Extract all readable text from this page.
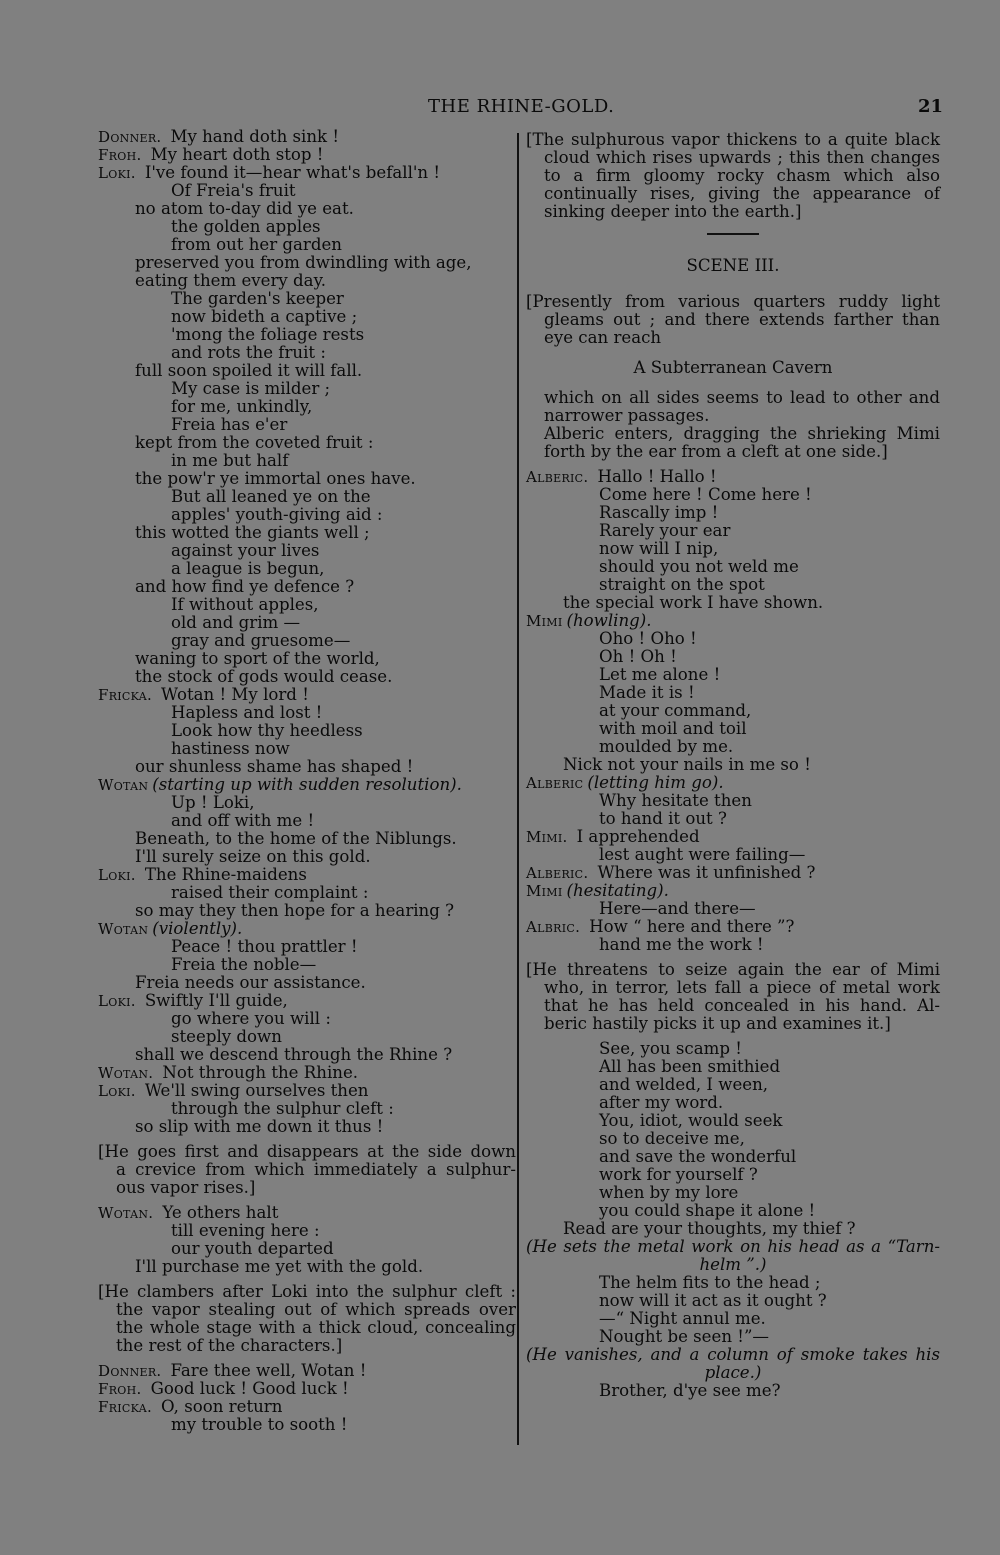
THE RHINE-GOLD.	21
Donner. My hand doth sink !
Froh. My heart doth stop !
Loki. I've found it—hear what's befall'n !
Of Freia's fruit
no atom to-day did ye eat.
the golden apples
from out her garden
preserved you from dwindling with age,
eating them every day.
The garden's keeper
now bideth a captive ;
'mong the foliage rests
and rots the fruit :
full soon spoiled it will fall.
My case is milder ;
for me, unkindly,
Freia has e'er
kept from the coveted fruit :
in me but half
the pow'r ye immortal ones have.
But all leaned ye on the
apples' youth-giving aid :
this wotted the giants well ;
against your lives
a league is begun,
and how find ye defence ?
If without apples,
old and grim —
gray and gruesome—
waning to sport of the world,
the stock of gods would cease.
Fricka. Wotan ! My lord !
Hapless and lost !
Look how thy heedless
hastiness now
our shunless shame has shaped !
Wotan (starting up with sudden resolution).
Up ! Loki,
and off with me !
Beneath, to the home of the Niblungs.
I'll surely seize on this gold.
Loki. The Rhine-maidens
raised their complaint :
so may they then hope for a hearing ?
Wotan (violently).
Peace ! thou prattler !
Freia the noble—
Freia needs our assistance.
Loki. Swiftly I'll guide,
go where you will :
steeply down
shall we descend through the Rhine ?
Wotan. Not through the Rhine.
Loki. We'll swing ourselves then
through the sulphur cleft :
so slip with me down it thus !
[He goes first and disappears at the side down
a crevice from which immediately a sulphur-
ous vapor rises.]
Wotan. Ye others halt
till evening here :
our youth departed
I'll purchase me yet with the gold.
[He clambers after Loki into the sulphur cleft :
the vapor stealing out of which spreads over
the whole stage with a thick cloud, concealing
the rest of the characters.]
Donner. Fare thee well, Wotan !
Froh. Good luck ! Good luck !
Fricka. O, soon return
my trouble to sooth !
[The sulphurous vapor thickens to a quite black
cloud which rises upwards ; this then changes
to a firm gloomy rocky chasm which also
continually rises, giving the appearance of
sinking deeper into the earth.]
SCENE III.
[Presently from various quarters ruddy light
gleams out ; and there extends farther than
eye can reach
A Subterranean Cavern
which on all sides seems to lead to other and
narrower passages.
Alberic enters, dragging the shrieking Mimi
forth by the ear from a cleft at one side.]
Alberic. Hallo ! Hallo !
Come here ! Come here !
Rascally imp !
Rarely your ear
now will I nip,
should you not weld me
straight on the spot
the special work I have shown.
Mimi (howling).
Oho ! Oho !
Oh ! Oh !
Let me alone !
Made it is !
at your command,
with moil and toil
moulded by me.
Nick not your nails in me so !
Alberic (letting him go).
Why hesitate then
to hand it out ?
Mimi. I apprehended
lest aught were failing—
Alberic. Where was it unfinished ?
Mimi (hesitating).
Here—and there—
Albric. How “ here and there ”?
hand me the work !
[He threatens to seize again the ear of Mimi
who, in terror, lets fall a piece of metal work
that he has held concealed in his hand. Al-
beric hastily picks it up and examines it.]
See, you scamp !
All has been smithied
and welded, I ween,
after my word.
You, idiot, would seek
so to deceive me,
and save the wonderful
work for yourself ?
when by my lore
you could shape it alone !
Read are your thoughts, my thief ?
(He sets the metal work on his head as a “Tarn-
helm ”.)
The helm fits to the head ;
now will it act as it ought ?
—“ Night annul me.
Nought be seen !”—
(He vanishes, and a column of smoke takes his
place.)
Brother, d'ye see me?
